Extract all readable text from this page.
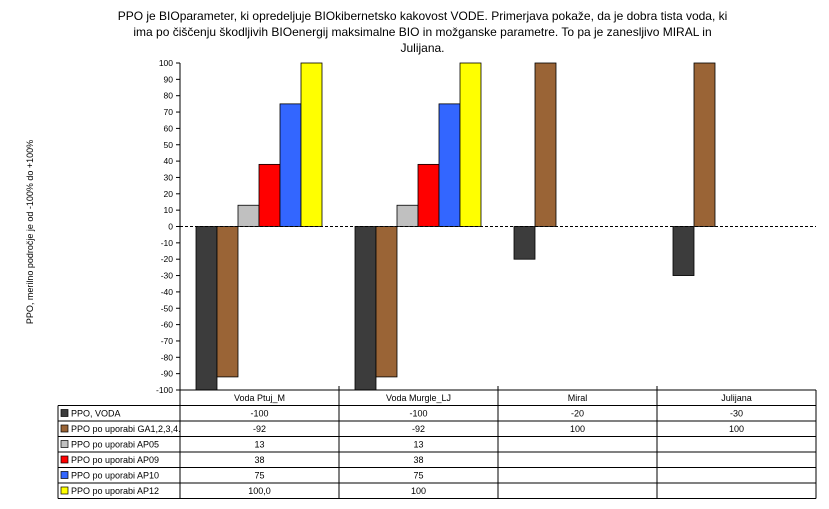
PPO je BIOparameter, ki opredeljuje BIOkibernetsko kakovost VODE. Primerjava pokaže, da je dobra tista voda, ki
ima po čiščenju škodljivih BIOenergij maksimalne BIO in možganske parametre. To pa je zanesljivo MIRAL in
Julijana.
PPO, merilno področje je od -100% do +100%
100
90
80
70
60
50
40
30
20
10
0
-10
-20
-30
-40
-50
-60
-70
-80
-90
-100
Voda Ptuj_M	Voda Murgle_LJ	Miral	Julijana
PPO, VODA	-100	-100	-20	-30
PPO po uporabi GA1,2,3,4.	-92	-92	100	100
PPO po uporabi AP05	13	13
PPO po uporabi AP09	38	38
PPO po uporabi AP10	75	75
PPO po uporabi AP12	100,0	100
